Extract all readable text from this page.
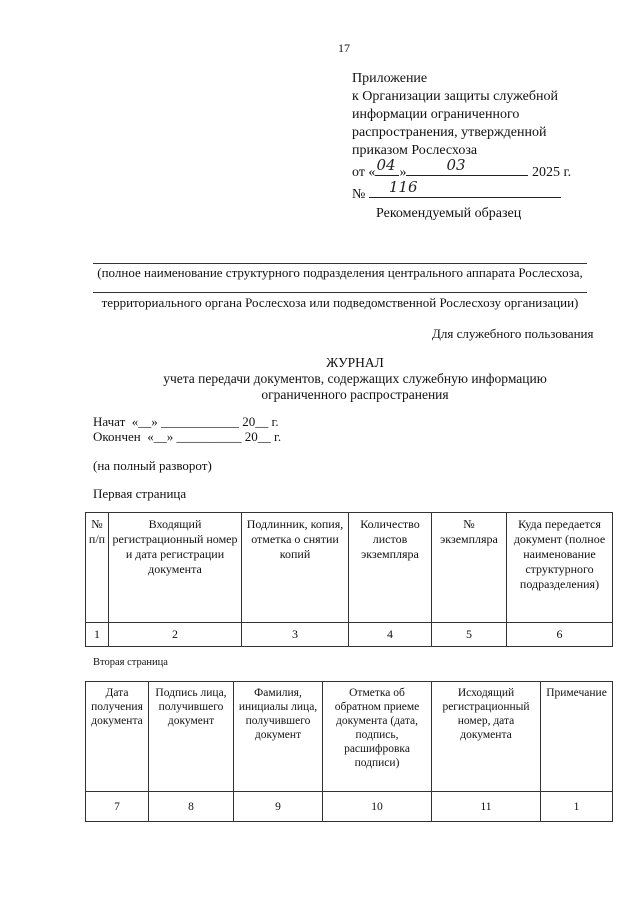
17
Приложение
к Организации защиты служебной
информации ограниченного
распространения, утвержденной
приказом Рослесхоза
от « 04 »	03	2025 г.
№ 116
Рекомендуемый образец
(полное наименование структурного подразделения центрального аппарата Рослесхоза,
территориального органа Рослесхоза или подведомственной Рослесхозу организации)
Для служебного пользования
ЖУРНАЛ
учета передачи документов, содержащих служебную информацию
ограниченного распространения
Начат  «__» ____________ 20__ г.
Окончен  «__» __________ 20__ г.
(на полный разворот)
Первая страница
№ п/п	Входящий регистрационный номер и дата регистрации документа	Подлинник, копия, отметка о снятии копий	Количество листов экземпляра	№ экземпляра	Куда передается документ (полное наименование структурного подразделения)
1	2	3	4	5	6
Вторая страница
Дата получения документа	Подпись лица, получившего документ	Фамилия, инициалы лица, получившего документ	Отметка об обратном приеме документа (дата, подпись, расшифровка подписи)	Исходящий регистрационный номер, дата документа	Примечание
7	8	9	10	11	1
